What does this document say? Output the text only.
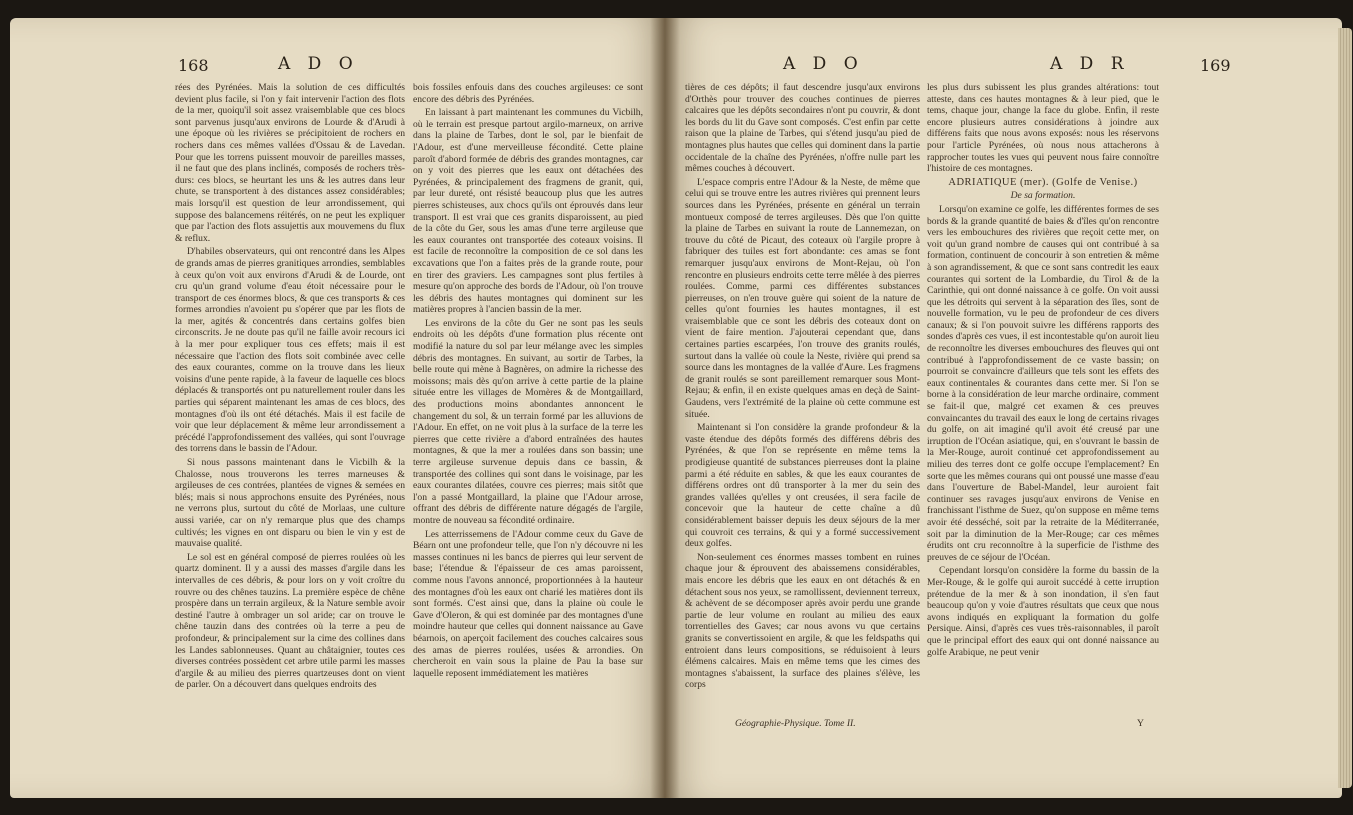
168	A D O

rées des Pyrénées. Mais la solution de ces difficultés devient plus facile, si l'on y fait intervenir l'action des flots de la mer, quoiqu'il soit assez vraisemblable que ces blocs sont parvenus jusqu'aux environs de Lourde & d'Arudi à une époque où les rivières se précipitoient de rochers en rochers dans ces mêmes vallées d'Ossau & de Lavedan. Pour que les torrens puissent mouvoir de pareilles masses, il ne faut que des plans inclinés, composés de rochers très-durs: ces blocs, se heurtant les uns & les autres dans leur chute, se transportent à des distances assez considérables; mais lorsqu'il est question de leur arrondissement, qui suppose des balancemens réitérés, on ne peut les expliquer que par l'action des flots assujettis aux mouvemens du flux & reflux.

D'habiles observateurs, qui ont rencontré dans les Alpes de grands amas de pierres granitiques arrondies, semblables à ceux qu'on voit aux environs d'Arudi & de Lourde, ont cru qu'un grand volume d'eau étoit nécessaire pour le transport de ces énormes blocs, & que ces transports & ces formes arrondies n'avoient pu s'opérer que par les flots de la mer, agités & concentrés dans certains golfes bien circonscrits. Je ne doute pas qu'il ne faille avoir recours ici à la mer pour expliquer tous ces effets; mais il est nécessaire que l'action des flots soit combinée avec celle des eaux courantes, comme on la trouve dans les lieux voisins d'une pente rapide, à la faveur de laquelle ces blocs déplacés & transportés ont pu naturellement rouler dans les parties qui séparent maintenant les amas de ces blocs, des montagnes d'où ils ont été détachés. Mais il est facile de voir que leur déplacement & même leur arrondissement a précédé l'approfondissement des vallées, qui sont l'ouvrage des torrens dans le bassin de l'Adour.

Si nous passons maintenant dans le Vicbilh & la Chalosse, nous trouverons les terres marneuses & argileuses de ces contrées, plantées de vignes & semées en blés; mais si nous approchons ensuite des Pyrénées, nous ne verrons plus, surtout du côté de Morlaas, une culture aussi variée, car on n'y remarque plus que des champs cultivés; les vignes en ont disparu ou bien le vin y est de mauvaise qualité.

Le sol est en général composé de pierres roulées où les quartz dominent. Il y a aussi des masses d'argile dans les intervalles de ces débris, & pour lors on y voit croître du rouvre ou des chênes tauzins. La première espèce de chêne prospère dans un terrain argileux, & la Nature semble avoir destiné l'autre à ombrager un sol aride; car on trouve le chêne tauzin dans des contrées où la terre a peu de profondeur, & principalement sur la cime des collines dans les Landes sablonneuses. Quant au châtaignier, toutes ces diverses contrées possèdent cet arbre utile parmi les masses d'argile & au milieu des pierres quartzeuses dont on vient de parler. On a découvert dans quelques endroits des

bois fossiles enfouis dans des couches argileuses: ce sont encore des débris des Pyrénées.

En laissant à part maintenant les communes du Vicbilh, où le terrain est presque partout argilo-marneux, on arrive dans la plaine de Tarbes, dont le sol, par le bienfait de l'Adour, est d'une merveilleuse fécondité. Cette plaine paroît d'abord formée de débris des grandes montagnes, car on y voit des pierres que les eaux ont détachées des Pyrénées, & principalement des fragmens de granit, qui, par leur dureté, ont résisté beaucoup plus que les autres pierres schisteuses, aux chocs qu'ils ont éprouvés dans leur transport. Il est vrai que ces granits disparoissent, au pied de la côte du Ger, sous les amas d'une terre argileuse que les eaux courantes ont transportée des coteaux voisins. Il est facile de reconnoître la composition de ce sol dans les excavations que l'on a faites près de la grande route, pour en tirer des graviers. Les campagnes sont plus fertiles à mesure qu'on approche des bords de l'Adour, où l'on trouve les débris des hautes montagnes qui dominent sur les matières propres à l'ancien bassin de la mer.

Les environs de la côte du Ger ne sont pas les seuls endroits où les dépôts d'une formation plus récente ont modifié la nature du sol par leur mélange avec les simples débris des montagnes. En suivant, au sortir de Tarbes, la belle route qui mène à Bagnères, on admire la richesse des moissons; mais dès qu'on arrive à cette partie de la plaine située entre les villages de Momères & de Montgaillard, des productions moins abondantes annoncent le changement du sol, & un terrain formé par les alluvions de l'Adour. En effet, on ne voit plus à la surface de la terre les pierres que cette rivière a d'abord entraînées des hautes montagnes, & que la mer a roulées dans son bassin; une terre argileuse survenue depuis dans ce bassin, & transportée des collines qui sont dans le voisinage, par les eaux courantes dilatées, couvre ces pierres; mais sitôt que l'on a passé Montgaillard, la plaine que l'Adour arrose, offrant des débris de différente nature dégagés de l'argile, montre de nouveau sa fécondité ordinaire.

Les atterrissemens de l'Adour comme ceux du Gave de Béarn ont une profondeur telle, que l'on n'y découvre ni les masses continues ni les bancs de pierres qui leur servent de base; l'étendue & l'épaisseur de ces amas paroissent, comme nous l'avons annoncé, proportionnées à la hauteur des montagnes d'où les eaux ont charié les matières dont ils sont formés. C'est ainsi que, dans la plaine où coule le Gave d'Oleron, & qui est dominée par des montagnes d'une moindre hauteur que celles qui donnent naissance au Gave béarnois, on aperçoit facilement des couches calcaires sous des amas de pierres roulées, usées & arrondies. On chercheroit en vain sous la plaine de Pau la base sur laquelle reposent immédiatement les matières

A D O	A D R	169

tières de ces dépôts; il faut descendre jusqu'aux environs d'Orthès pour trouver des couches continues de pierres calcaires que les dépôts secondaires n'ont pu couvrir, & dont les bords du lit du Gave sont composés. C'est enfin par cette raison que la plaine de Tarbes, qui s'étend jusqu'au pied de montagnes plus hautes que celles qui dominent dans la partie occidentale de la chaîne des Pyrénées, n'offre nulle part les mêmes couches à découvert.

L'espace compris entre l'Adour & la Neste, de même que celui qui se trouve entre les autres rivières qui prennent leurs sources dans les Pyrénées, présente en général un terrain montueux composé de terres argileuses. Dès que l'on quitte la plaine de Tarbes en suivant la route de Lannemezan, on trouve du côté de Picaut, des coteaux où l'argile propre à fabriquer des tuiles est fort abondante: ces amas se font remarquer jusqu'aux environs de Mont-Rejau, où l'on rencontre en plusieurs endroits cette terre mêlée à des pierres roulées. Comme, parmi ces différentes substances pierreuses, on n'en trouve guère qui soient de la nature de celles qu'ont fournies les hautes montagnes, il est vraisemblable que ce sont les débris des coteaux dont on vient de faire mention. J'ajouterai cependant que, dans certaines parties escarpées, l'on trouve des granits roulés, surtout dans la vallée où coule la Neste, rivière qui prend sa source dans les montagnes de la vallée d'Aure. Les fragmens de granit roulés se sont pareillement remarquer sous Mont-Rejau; & enfin, il en existe quelques amas en deçà de Saint-Gaudens, vers l'extrémité de la plaine où cette commune est située.

Maintenant si l'on considère la grande profondeur & la vaste étendue des dépôts formés des différens débris des Pyrénées, & que l'on se représente en même tems la prodigieuse quantité de substances pierreuses dont la plaine parmi a été réduite en sables, & que les eaux courantes de différens ordres ont dû transporter à la mer du sein des grandes vallées qu'elles y ont creusées, il sera facile de concevoir que la hauteur de cette chaîne a dû considérablement baisser depuis les deux séjours de la mer qui couvroit ces terrains, & qui y a formé successivement deux golfes.

Non-seulement ces énormes masses tombent en ruines chaque jour & éprouvent des abaissemens considérables, mais encore les débris que les eaux en ont détachés & en détachent sous nos yeux, se ramollissent, deviennent terreux, & achèvent de se décomposer après avoir perdu une grande partie de leur volume en roulant au milieu des eaux torrentielles des Gaves; car nous avons vu que certains granits se convertissoient en argile, & que les feldspaths qui entroient dans leurs compositions, se réduisoient à leurs élémens calcaires. Mais en même tems que les cimes des montagnes s'abaissent, la surface des plaines s'élève, les corps

Géographie-Physique. Tome II.

les plus durs subissent les plus grandes altérations: tout atteste, dans ces hautes montagnes & à leur pied, que le tems, chaque jour, change la face du globe. Enfin, il reste encore plusieurs autres considérations à joindre aux différens faits que nous avons exposés: nous les réservons pour l'article Pyrénées, où nous nous attacherons à rapprocher toutes les vues qui peuvent nous faire connoître l'histoire de ces montagnes.

ADRIATIQUE (mer). (Golfe de Venise.)

De sa formation.

Lorsqu'on examine ce golfe, les différentes formes de ses bords & la grande quantité de baies & d'îles qu'on rencontre vers les embouchures des rivières que reçoit cette mer, on voit qu'un grand nombre de causes qui ont contribué à sa formation, continuent de concourir à son entretien & même à son agrandissement, & que ce sont sans contredit les eaux courantes qui sortent de la Lombardie, du Tirol & de la Carinthie, qui ont donné naissance à ce golfe. On voit aussi que les détroits qui servent à la séparation des îles, sont de nouvelle formation, vu le peu de profondeur de ces divers canaux; & si l'on pouvoit suivre les différens rapports des sondes d'après ces vues, il est incontestable qu'on auroit lieu de reconnoître les diverses embouchures des fleuves qui ont contribué à l'approfondissement de ce vaste bassin; on pourroit se convaincre d'ailleurs que tels sont les effets des eaux continentales & courantes dans cette mer. Si l'on se borne à la considération de leur marche ordinaire, comment se fait-il que, malgré cet examen & ces preuves convaincantes du travail des eaux le long de certains rivages du golfe, on ait imaginé qu'il avoit été creusé par une irruption de l'Océan asiatique, qui, en s'ouvrant le bassin de la Mer-Rouge, auroit continué cet approfondissement au milieu des terres dont ce golfe occupe l'emplacement? En sorte que les mêmes courans qui ont poussé une masse d'eau dans l'ouverture de Babel-Mandel, leur auroient fait continuer ses ravages jusqu'aux environs de Venise en franchissant l'isthme de Suez, qu'on suppose en même tems avoir été desséché, soit par la retraite de la Méditerranée, soit par la diminution de la Mer-Rouge; car ces mêmes érudits ont cru reconnoître à la superficie de l'isthme des preuves de ce séjour de l'Océan.

Cependant lorsqu'on considère la forme du bassin de la Mer-Rouge, & le golfe qui auroit succédé à cette irruption prétendue de la mer & à son inondation, il s'en faut beaucoup qu'on y voie d'autres résultats que ceux que nous avons indiqués en expliquant la formation du golfe Persique. Ainsi, d'après ces vues très-raisonnables, il paroît que le principal effort des eaux qui ont donné naissance au golfe Arabique, ne peut venir

Y
